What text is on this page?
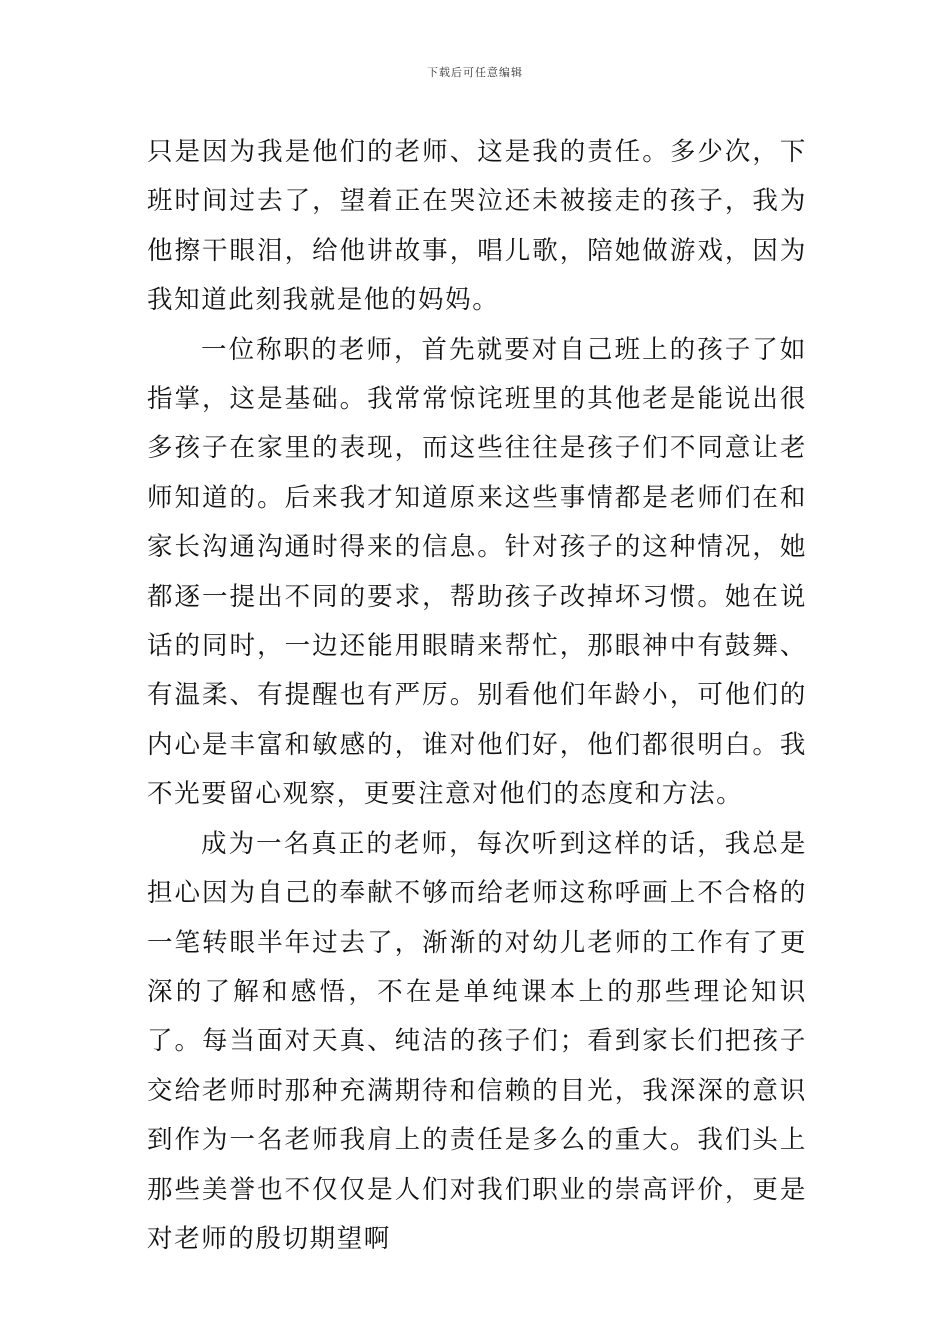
下载后可任意编辑

只是因为我是他们的老师、这是我的责任。多少次，下班时间过去了，望着正在哭泣还未被接走的孩子，我为他擦干眼泪，给他讲故事，唱儿歌，陪她做游戏，因为我知道此刻我就是他的妈妈。

一位称职的老师，首先就要对自己班上的孩子了如指掌，这是基础。我常常惊诧班里的其他老是能说出很多孩子在家里的表现，而这些往往是孩子们不同意让老师知道的。后来我才知道原来这些事情都是老师们在和家长沟通沟通时得来的信息。针对孩子的这种情况，她都逐一提出不同的要求，帮助孩子改掉坏习惯。她在说话的同时，一边还能用眼睛来帮忙，那眼神中有鼓舞、有温柔、有提醒也有严厉。别看他们年龄小，可他们的内心是丰富和敏感的，谁对他们好，他们都很明白。我不光要留心观察，更要注意对他们的态度和方法。

成为一名真正的老师，每次听到这样的话，我总是担心因为自己的奉献不够而给老师这称呼画上不合格的一笔转眼半年过去了，渐渐的对幼儿老师的工作有了更深的了解和感悟，不在是单纯课本上的那些理论知识了。每当面对天真、纯洁的孩子们；看到家长们把孩子交给老师时那种充满期待和信赖的目光，我深深的意识到作为一名老师我肩上的责任是多么的重大。我们头上那些美誉也不仅仅是人们对我们职业的崇高评价，更是对老师的殷切期望啊
